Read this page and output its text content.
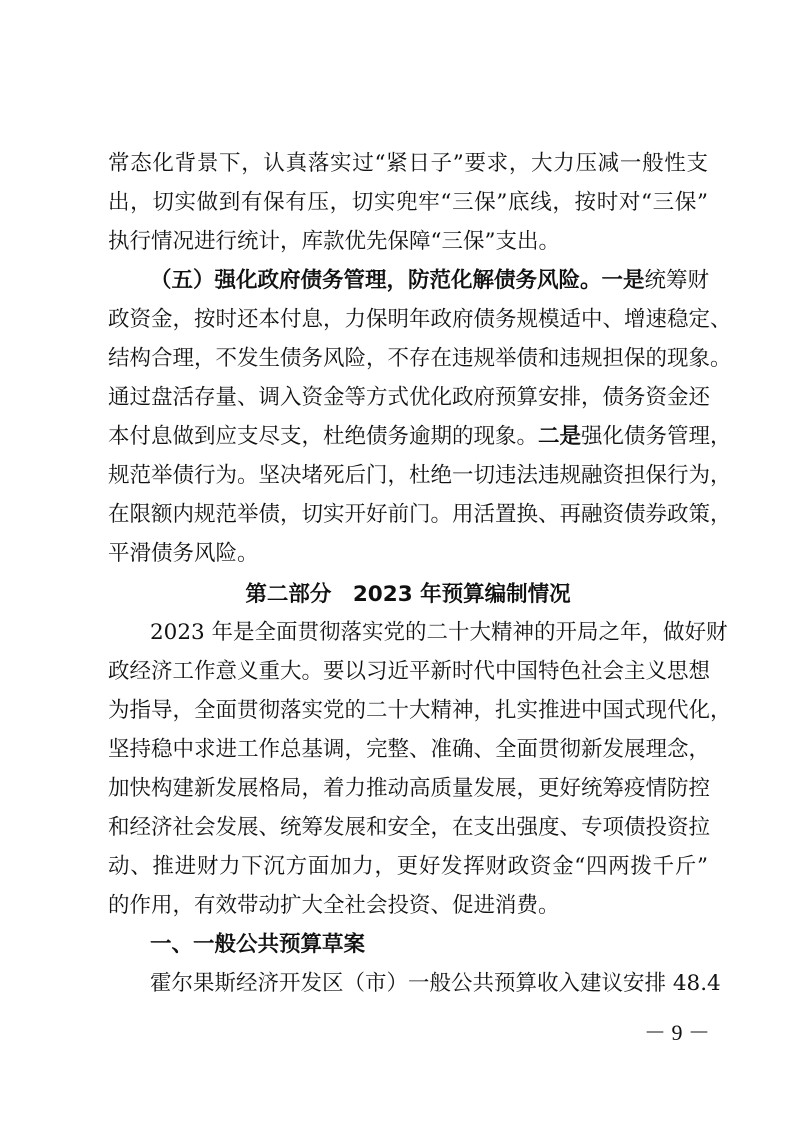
常态化背景下，认真落实过“紧日子”要求，大力压减一般性支
出，切实做到有保有压，切实兜牢“三保”底线，按时对“三保”
执行情况进行统计，库款优先保障“三保”支出。
（五）强化政府债务管理，防范化解债务风险。一是统筹财
政资金，按时还本付息，力保明年政府债务规模适中、增速稳定、
结构合理，不发生债务风险，不存在违规举债和违规担保的现象。
通过盘活存量、调入资金等方式优化政府预算安排，债务资金还
本付息做到应支尽支，杜绝债务逾期的现象。二是强化债务管理，
规范举债行为。坚决堵死后门，杜绝一切违法违规融资担保行为，
在限额内规范举债，切实开好前门。用活置换、再融资债券政策，
平滑债务风险。
第二部分　2023 年预算编制情况
2023 年是全面贯彻落实党的二十大精神的开局之年，做好财
政经济工作意义重大。要以习近平新时代中国特色社会主义思想
为指导，全面贯彻落实党的二十大精神，扎实推进中国式现代化，
坚持稳中求进工作总基调，完整、准确、全面贯彻新发展理念，
加快构建新发展格局，着力推动高质量发展，更好统筹疫情防控
和经济社会发展、统筹发展和安全，在支出强度、专项债投资拉
动、推进财力下沉方面加力，更好发挥财政资金“四两拨千斤”
的作用，有效带动扩大全社会投资、促进消费。
一、一般公共预算草案
霍尔果斯经济开发区（市）一般公共预算收入建议安排 48.4
－ 9 －
